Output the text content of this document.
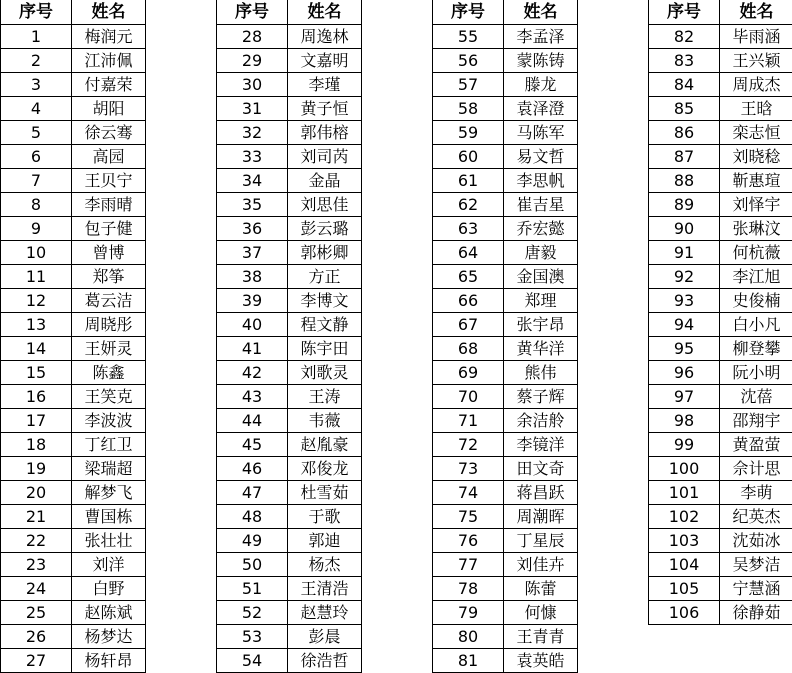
序号	姓名
1	梅润元
2	江沛佩
3	付嘉荣
4	胡阳
5	徐云骞
6	高园
7	王贝宁
8	李雨晴
9	包子健
10	曾博
11	郑筝
12	葛云洁
13	周晓彤
14	王妍灵
15	陈鑫
16	王笑克
17	李波波
18	丁红卫
19	梁瑞超
20	解梦飞
21	曹国栋
22	张壮壮
23	刘洋
24	白野
25	赵陈斌
26	杨梦达
27	杨轩昂
序号	姓名
28	周逸林
29	文嘉明
30	李瑾
31	黄子恒
32	郭伟榕
33	刘司芮
34	金晶
35	刘思佳
36	彭云璐
37	郭彬卿
38	方正
39	李博文
40	程文静
41	陈宇田
42	刘歌灵
43	王涛
44	韦薇
45	赵胤豪
46	邓俊龙
47	杜雪茹
48	于歌
49	郭迪
50	杨杰
51	王清浩
52	赵慧玲
53	彭晨
54	徐浩哲
序号	姓名
55	李孟泽
56	蒙陈铸
57	滕龙
58	袁泽澄
59	马陈军
60	易文哲
61	李思帆
62	崔吉星
63	乔宏懿
64	唐毅
65	金国澳
66	郑理
67	张宇昂
68	黄华洋
69	熊伟
70	蔡子辉
71	余洁舲
72	李镜洋
73	田文奇
74	蒋昌跃
75	周潮晖
76	丁星辰
77	刘佳卉
78	陈蕾
79	何慷
80	王青青
81	袁英皓
序号	姓名
82	毕雨涵
83	王兴颖
84	周成杰
85	王晗
86	栾志恒
87	刘晓稔
88	靳惠瑄
89	刘怿宇
90	张琳汶
91	何杭薇
92	李江旭
93	史俊楠
94	白小凡
95	柳登攀
96	阮小明
97	沈蓓
98	邵翔宇
99	黄盈萤
100	佘计思
101	李萌
102	纪英杰
103	沈茹冰
104	吴梦洁
105	宁慧涵
106	徐静茹
